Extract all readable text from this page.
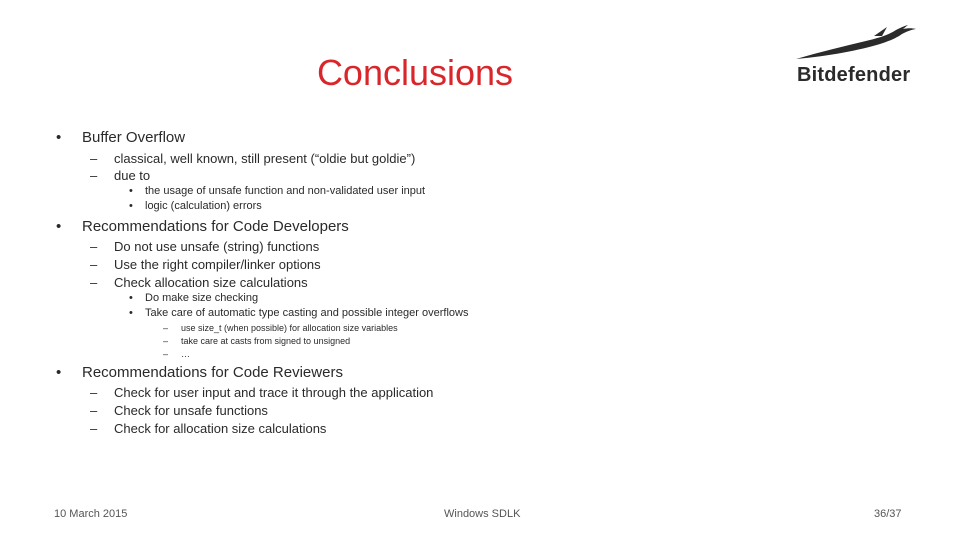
Conclusions	Bitdefender
• Buffer Overflow
– classical, well known, still present (“oldie but goldie”)
– due to
• the usage of unsafe function and non-validated user input
• logic (calculation) errors
• Recommendations for Code Developers
– Do not use unsafe (string) functions
– Use the right compiler/linker options
– Check allocation size calculations
• Do make size checking
• Take care of automatic type casting and possible integer overflows
– use size_t (when possible) for allocation size variables
– take care at casts from signed to unsigned
– …
• Recommendations for Code Reviewers
– Check for user input and trace it through the application
– Check for unsafe functions
– Check for allocation size calculations
10 March 2015	Windows SDLK	36/37
